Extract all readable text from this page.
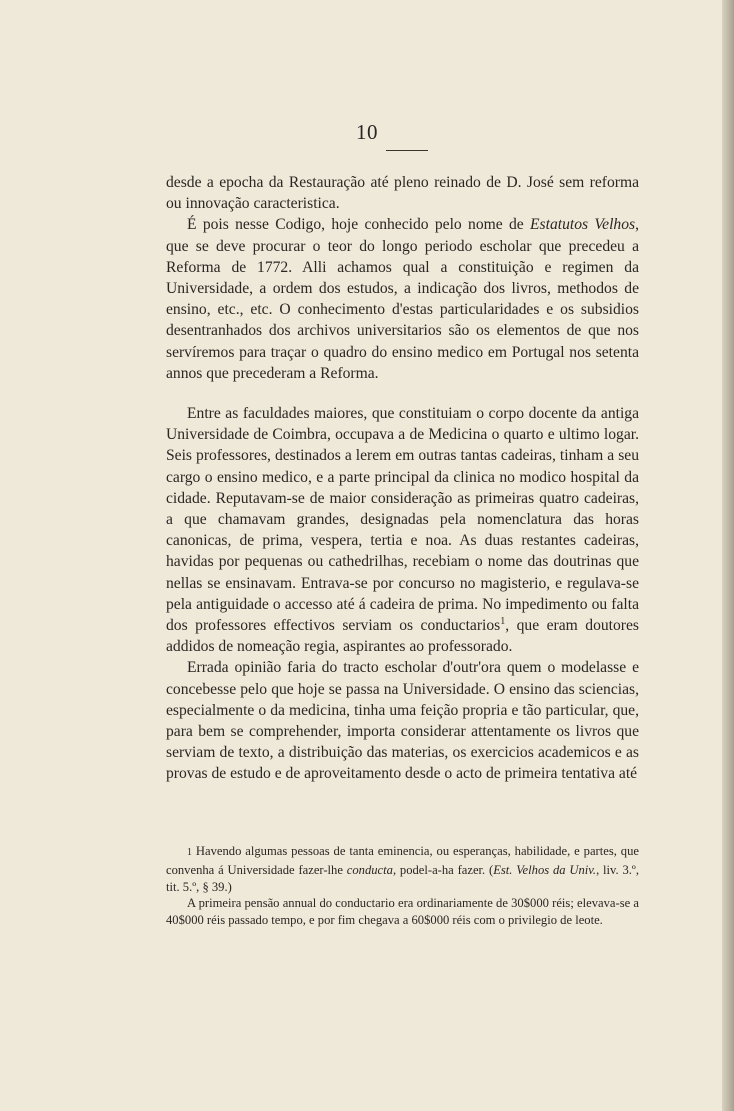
10

desde a epocha da Restauração até pleno reinado de D. José sem reforma ou innovação caracteristica.

É pois nesse Codigo, hoje conhecido pelo nome de Estatutos Velhos, que se deve procurar o teor do longo periodo escholar que precedeu a Reforma de 1772. Alli achamos qual a constituição e regimen da Universidade, a ordem dos estudos, a indicação dos livros, methodos de ensino, etc., etc. O conhecimento d'estas particularidades e os subsidios desentranhados dos archivos universitarios são os elementos de que nos servíremos para traçar o quadro do ensino medico em Portugal nos setenta annos que precederam a Reforma.

Entre as faculdades maiores, que constituiam o corpo docente da antiga Universidade de Coimbra, occupava a de Medicina o quarto e ultimo logar. Seis professores, destinados a lerem em outras tantas cadeiras, tinham a seu cargo o ensino medico, e a parte principal da clinica no modico hospital da cidade. Reputavam-se de maior consideração as primeiras quatro cadeiras, a que chamavam grandes, designadas pela nomenclatura das horas canonicas, de prima, vespera, tertia e noa. As duas restantes cadeiras, havidas por pequenas ou cathedrilhas, recebiam o nome das doutrinas que nellas se ensinavam. Entrava-se por concurso no magisterio, e regulava-se pela antiguidade o accesso até á cadeira de prima. No impedimento ou falta dos professores effectivos serviam os conductarios$^1$, que eram doutores addidos de nomeação regia, aspirantes ao professorado.

Errada opinião faria do tracto escholar d'outr'ora quem o modelasse e concebesse pelo que hoje se passa na Universidade. O ensino das sciencias, especialmente o da medicina, tinha uma feição propria e tão particular, que, para bem se comprehender, importa considerar attentamente os livros que serviam de texto, a distribuição das materias, os exercicios academicos e as provas de estudo e de aproveitamento desde o acto de primeira tentativa até

1 Havendo algumas pessoas de tanta eminencia, ou esperanças, habilidade, e partes, que convenha á Universidade fazer-lhe conducta, podel-a-ha fazer. (Est. Velhos da Univ., liv. 3.º, tit. 5.º, § 39.)

A primeira pensão annual do conductario era ordinariamente de 30$000 réis; elevava-se a 40$000 réis passado tempo, e por fim chegava a 60$000 réis com o privilegio de leote.
